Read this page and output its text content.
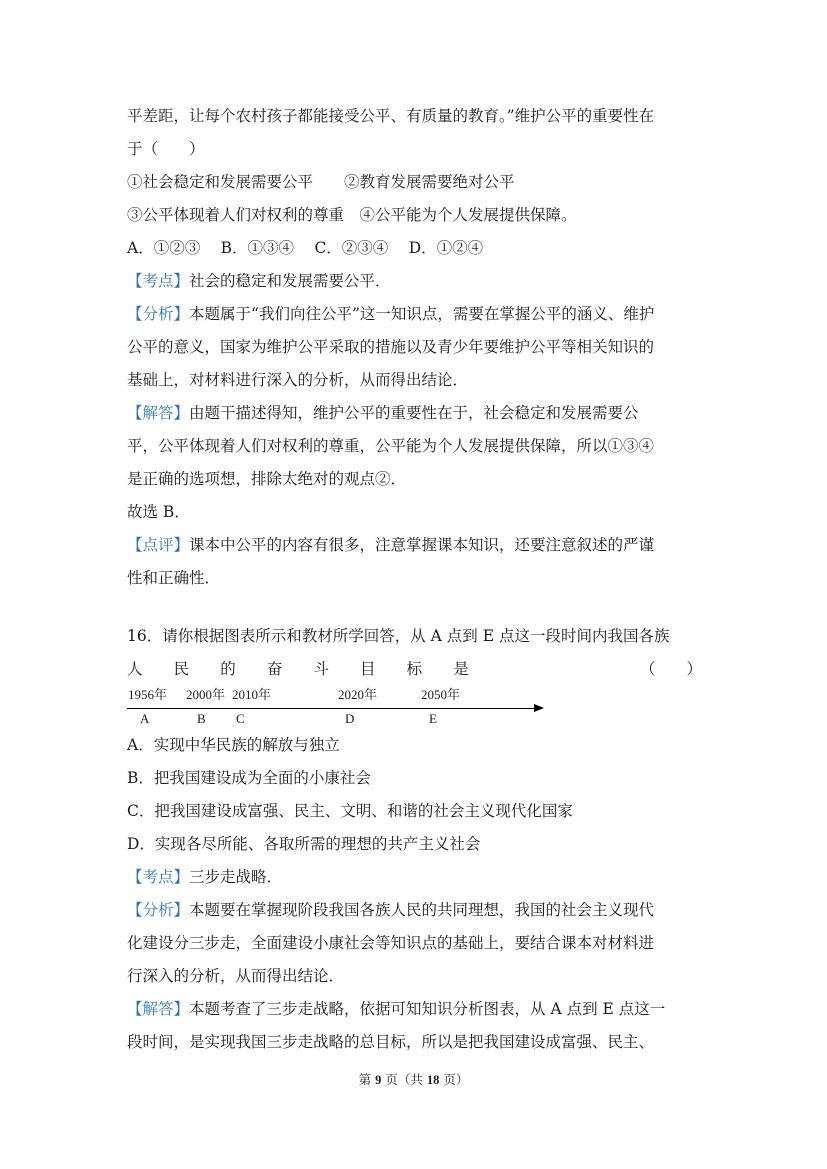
平差距，让每个农村孩子都能接受公平、有质量的教育。”维护公平的重要性在
于（　　）
①社会稳定和发展需要公平　　②教育发展需要绝对公平
③公平体现着人们对权利的尊重　④公平能为个人发展提供保障。
A．①②③　 B．①③④　 C．②③④　 D．①②④
【考点】社会的稳定和发展需要公平．
【分析】本题属于“我们向往公平”这一知识点，需要在掌握公平的涵义、维护
公平的意义，国家为维护公平采取的措施以及青少年要维护公平等相关知识的
基础上，对材料进行深入的分析，从而得出结论．
【解答】由题干描述得知，维护公平的重要性在于，社会稳定和发展需要公
平，公平体现着人们对权利的尊重，公平能为个人发展提供保障，所以①③④
是正确的选项想，排除太绝对的观点②．
故选 B．
【点评】课本中公平的内容有很多，注意掌握课本知识，还要注意叙述的严谨
性和正确性．
16．请你根据图表所示和教材所学回答，从 A 点到 E 点这一段时间内我国各族
人 民 的 奋 斗 目 标 是	（ ）
1956年 2000年 2010年	2020年	2050年
A	B C	D	E
A．实现中华民族的解放与独立
B．把我国建设成为全面的小康社会
C．把我国建设成富强、民主、文明、和谐的社会主义现代化国家
D．实现各尽所能、各取所需的理想的共产主义社会
【考点】三步走战略．
【分析】本题要在掌握现阶段我国各族人民的共同理想，我国的社会主义现代
化建设分三步走，全面建设小康社会等知识点的基础上，要结合课本对材料进
行深入的分析，从而得出结论．
【解答】本题考查了三步走战略，依据可知知识分析图表，从 A 点到 E 点这一
段时间，是实现我国三步走战略的总目标，所以是把我国建设成富强、民主、
第 9 页（共 18 页）
